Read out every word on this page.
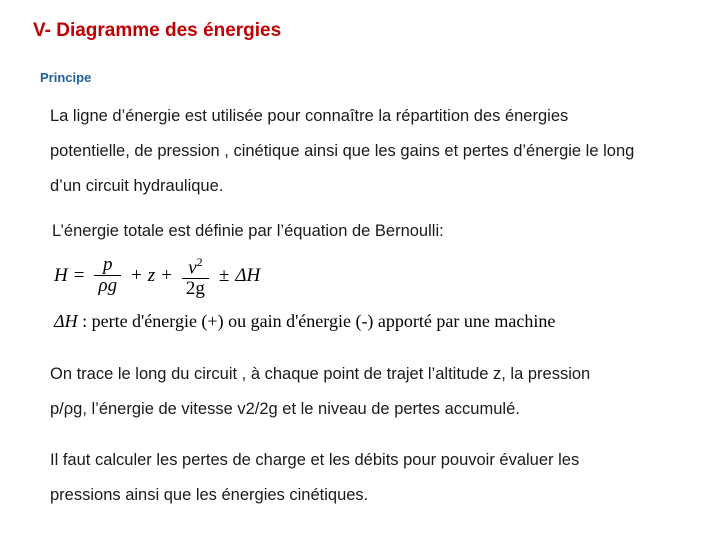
V- Diagramme des énergies
Principe
La ligne d’énergie est utilisée pour connaître la répartition des énergies
potentielle, de pression , cinétique ainsi que les gains et pertes d’énergie le long
d’un circuit hydraulique.
L’énergie totale est définie par l’équation de Bernoulli:
$H = \frac{p}{\rho g} + z + \frac{v^2}{2g} \pm \Delta H$
ΔH : perte d'énergie (+) ou gain d'énergie (-) apporté par une machine
On trace le long du circuit , à chaque point de trajet l’altitude z, la pression
p/ρg, l’énergie de vitesse v2/2g et le niveau de pertes accumulé.
Il faut calculer les pertes de charge et les débits pour pouvoir évaluer les
pressions ainsi que les énergies cinétiques.
